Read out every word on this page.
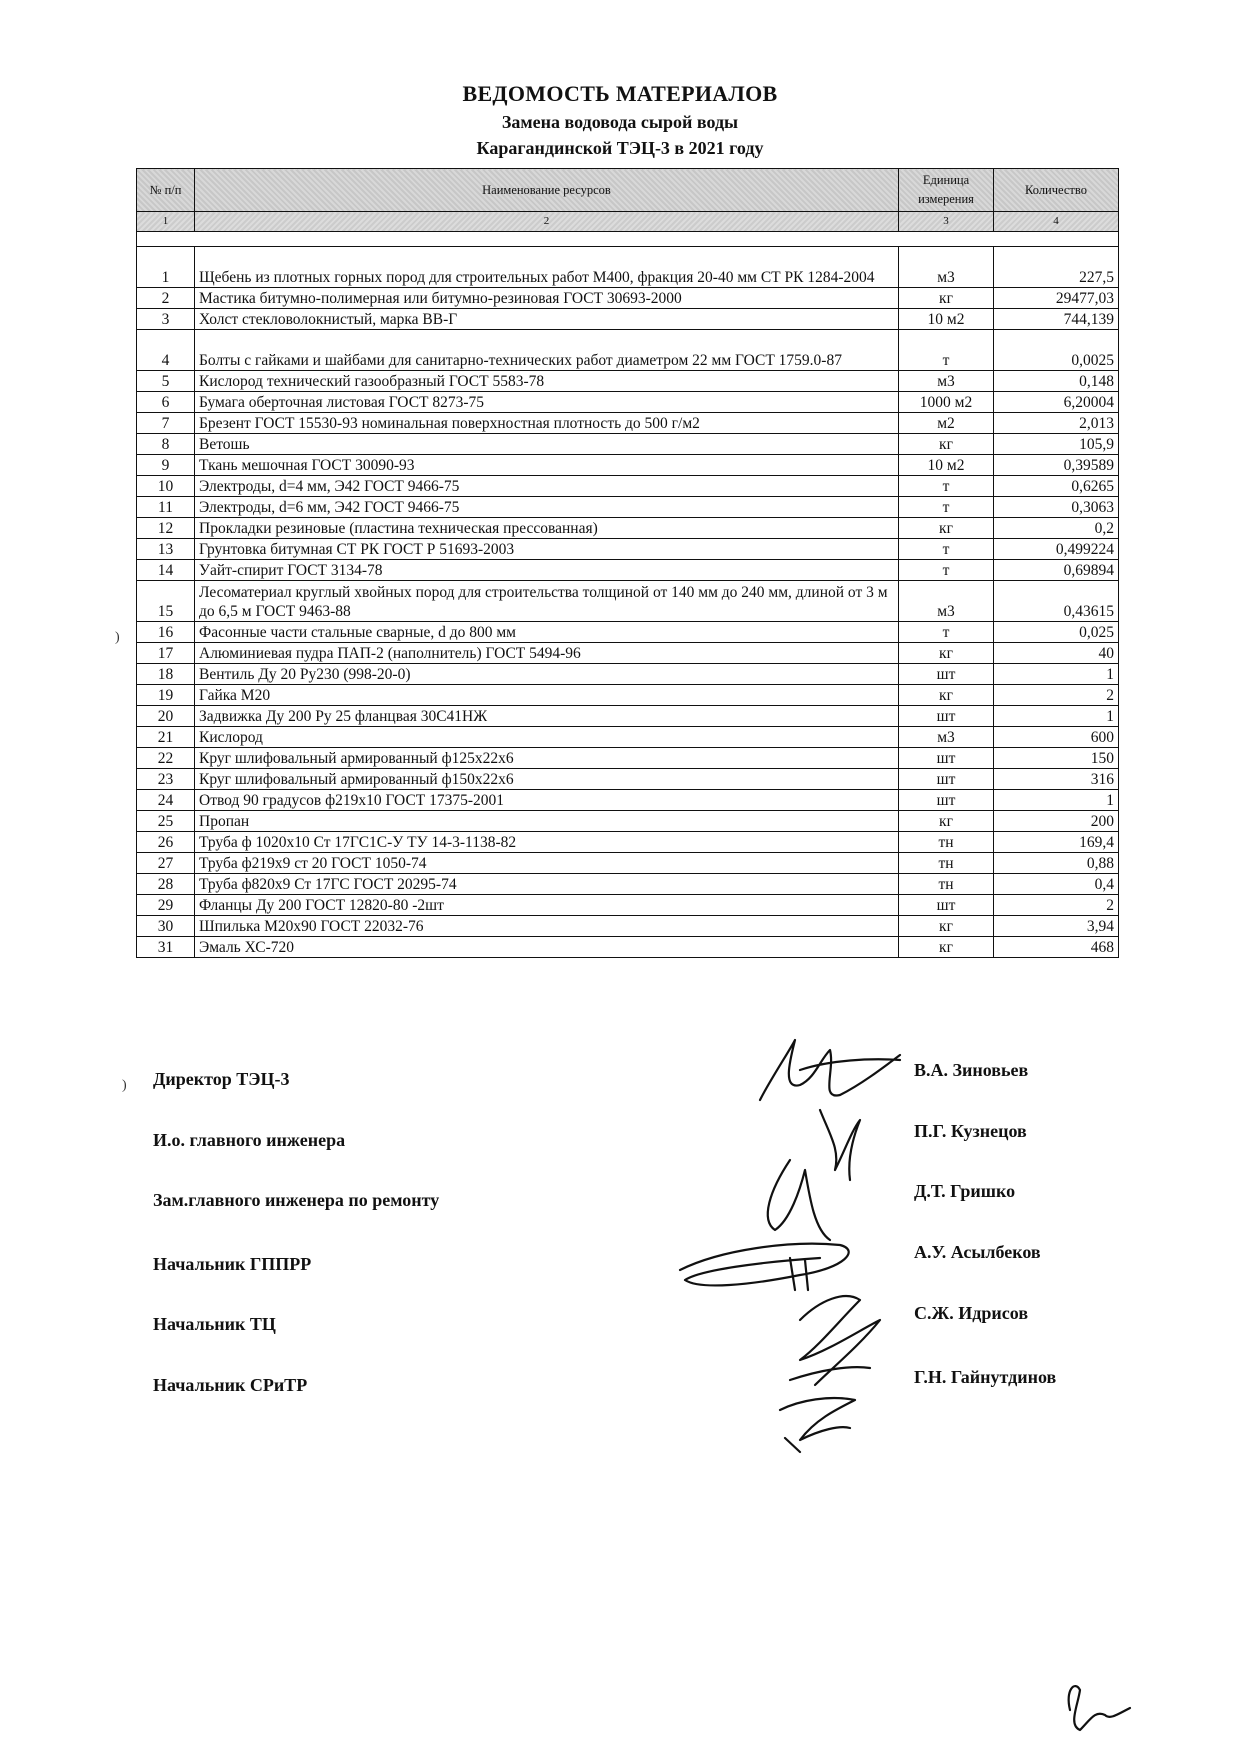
ВЕДОМОСТЬ МАТЕРИАЛОВ
Замена водовода сырой воды
Карагандинской ТЭЦ-3 в 2021 году
№ п/п	Наименование ресурсов	Единица измерения	Количество
1	2	3	4

1	Щебень из плотных горных пород для строительных работ М400, фракция 20-40 мм СТ РК 1284-2004	м3	227,5
2	Мастика битумно-полимерная или битумно-резиновая ГОСТ 30693-2000	кг	29477,03
3	Холст стекловолокнистый, марка ВВ-Г	10 м2	744,139
4	Болты с гайками и шайбами для санитарно-технических работ диаметром 22 мм ГОСТ 1759.0-87	т	0,0025
5	Кислород технический газообразный ГОСТ 5583-78	м3	0,148
6	Бумага оберточная листовая ГОСТ 8273-75	1000 м2	6,20004
7	Брезент ГОСТ 15530-93 номинальная поверхностная плотность до 500 г/м2	м2	2,013
8	Ветошь	кг	105,9
9	Ткань мешочная ГОСТ 30090-93	10 м2	0,39589
10	Электроды, d=4 мм, Э42 ГОСТ 9466-75	т	0,6265
11	Электроды, d=6 мм, Э42 ГОСТ 9466-75	т	0,3063
12	Прокладки резиновые (пластина техническая прессованная)	кг	0,2
13	Грунтовка битумная СТ РК ГОСТ Р 51693-2003	т	0,499224
14	Уайт-спирит ГОСТ 3134-78	т	0,69894
15	Лесоматериал круглый хвойных пород для строительства толщиной от 140 мм до 240 мм, длиной от 3 м до 6,5 м ГОСТ 9463-88	м3	0,43615
16	Фасонные части стальные сварные, d до 800 мм	т	0,025
17	Алюминиевая пудра ПАП-2 (наполнитель) ГОСТ 5494-96	кг	40
18	Вентиль Ду 20 Ру230 (998-20-0)	шт	1
19	Гайка М20	кг	2
20	Задвижка Ду 200 Ру 25 фланцвая 30С41НЖ	шт	1
21	Кислород	м3	600
22	Круг шлифовальный армированный ф125х22х6	шт	150
23	Круг шлифовальный армированный ф150х22х6	шт	316
24	Отвод 90 градусов ф219х10 ГОСТ 17375-2001	шт	1
25	Пропан	кг	200
26	Труба ф 1020х10 Ст 17ГС1С-У ТУ 14-3-1138-82	тн	169,4
27	Труба ф219х9 ст 20 ГОСТ 1050-74	тн	0,88
28	Труба ф820х9 Ст 17ГС ГОСТ 20295-74	тн	0,4
29	Фланцы Ду 200 ГОСТ 12820-80 -2шт	шт	2
30	Шпилька М20х90 ГОСТ 22032-76	кг	3,94
31	Эмаль ХС-720	кг	468
Директор ТЭЦ-3
И.о. главного инженера
Зам.главного инженера по ремонту
Начальник ГППРР
Начальник ТЦ
Начальник СРиТР
В.А. Зиновьев
П.Г. Кузнецов
Д.Т. Гришко
А.У. Асылбеков
С.Ж. Идрисов
Г.Н. Гайнутдинов
)
)
